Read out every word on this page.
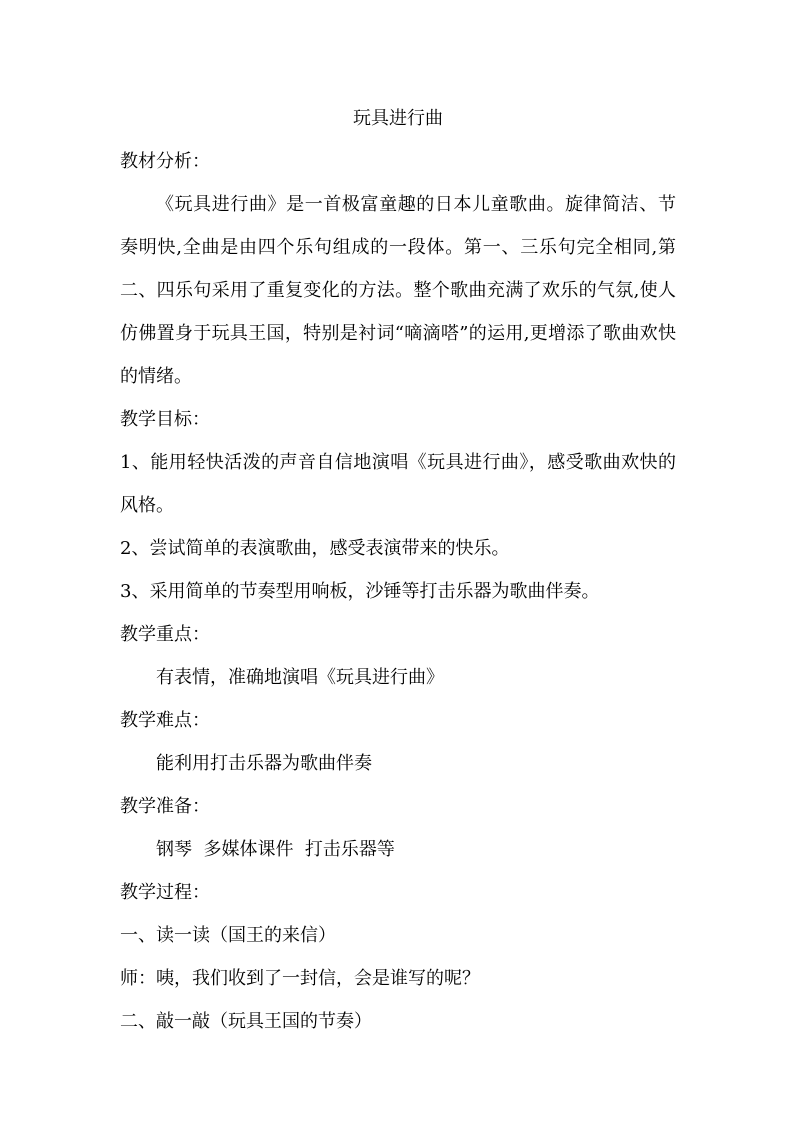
玩具进行曲

教材分析：

《玩具进行曲》是一首极富童趣的日本儿童歌曲。旋律简洁、节奏明快,全曲是由四个乐句组成的一段体。第一、三乐句完全相同,第二、四乐句采用了重复变化的方法。整个歌曲充满了欢乐的气氛,使人仿佛置身于玩具王国，特别是衬词“嘀滴嗒”的运用,更增添了歌曲欢快的情绪。

教学目标：

1、能用轻快活泼的声音自信地演唱《玩具进行曲》，感受歌曲欢快的风格。

2、尝试简单的表演歌曲，感受表演带来的快乐。

3、采用简单的节奏型用响板，沙锤等打击乐器为歌曲伴奏。

教学重点：

有表情，准确地演唱《玩具进行曲》

教学难点：

能利用打击乐器为歌曲伴奏

教学准备：

钢琴  多媒体课件  打击乐器等

教学过程：

一、读一读（国王的来信）

师：咦，我们收到了一封信，会是谁写的呢？

二、敲一敲（玩具王国的节奏）
